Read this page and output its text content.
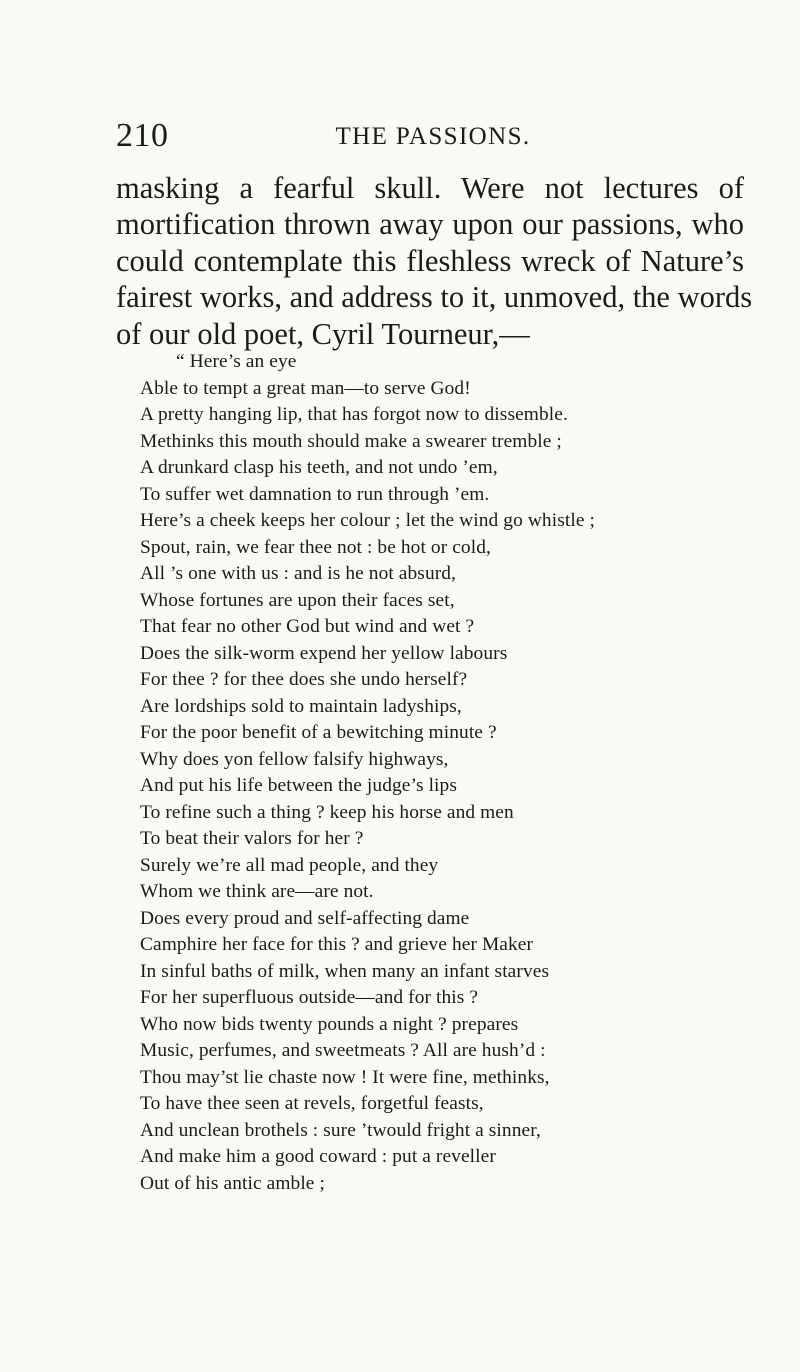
210	THE PASSIONS.
masking a fearful skull. Were not lectures of
mortification thrown away upon our passions, who
could contemplate this fleshless wreck of Nature’s
fairest works, and address to it, unmoved, the words
of our old poet, Cyril Tourneur,—
“ Here’s an eye
Able to tempt a great man—to serve God!
A pretty hanging lip, that has forgot now to dissemble.
Methinks this mouth should make a swearer tremble ;
A drunkard clasp his teeth, and not undo ’em,
To suffer wet damnation to run through ’em.
Here’s a cheek keeps her colour ; let the wind go whistle ;
Spout, rain, we fear thee not : be hot or cold,
All ’s one with us : and is he not absurd,
Whose fortunes are upon their faces set,
That fear no other God but wind and wet ?
Does the silk-worm expend her yellow labours
For thee ? for thee does she undo herself?
Are lordships sold to maintain ladyships,
For the poor benefit of a bewitching minute ?
Why does yon fellow falsify highways,
And put his life between the judge’s lips
To refine such a thing ? keep his horse and men
To beat their valors for her ?
Surely we’re all mad people, and they
Whom we think are—are not.
Does every proud and self-affecting dame
Camphire her face for this ? and grieve her Maker
In sinful baths of milk, when many an infant starves
For her superfluous outside—and for this ?
Who now bids twenty pounds a night ? prepares
Music, perfumes, and sweetmeats ? All are hush’d :
Thou may’st lie chaste now ! It were fine, methinks,
To have thee seen at revels, forgetful feasts,
And unclean brothels : sure ’twould fright a sinner,
And make him a good coward : put a reveller
Out of his antic amble ;
